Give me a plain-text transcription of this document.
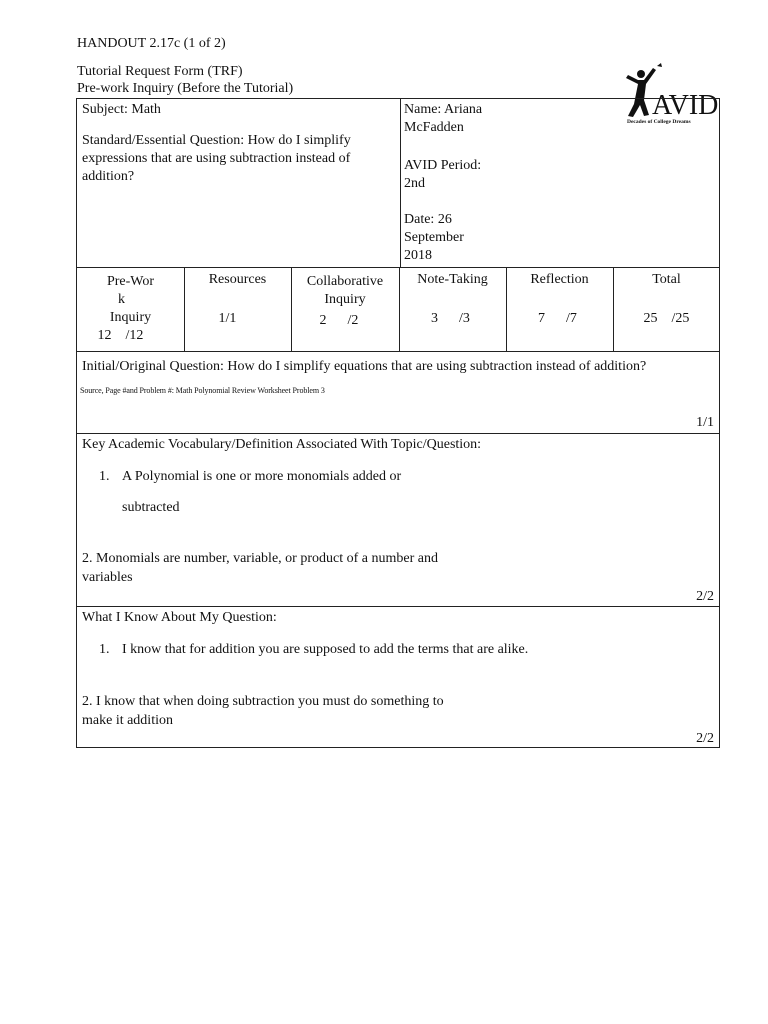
HANDOUT 2.17c (1 of 2)
Tutorial Request Form (TRF)
Pre-work Inquiry (Before the Tutorial)
AVID
Decades of College Dreams
Subject: Math
Standard/Essential Question: How do I simplify expressions that are using subtraction instead of addition?
Name: Ariana
McFadden
AVID Period:
2nd
Date: 26
September
2018
Pre-Wor
k
Inquiry
12    /12
Resources
1/1
Collaborative
Inquiry
2      /2
Note-Taking
3      /3
Reflection
7      /7
Total
25    /25
Initial/Original Question: How do I simplify equations that are using subtraction instead of addition?
Source, Page #and Problem #: Math Polynomial Review Worksheet Problem 3
1/1
Key Academic Vocabulary/Definition Associated With Topic/Question:
1. A Polynomial is one or more monomials added or
subtracted
2. Monomials are number, variable, or product of a number and
variables
2/2
What I Know About My Question:
1. I know that for addition you are supposed to add the terms that are alike.
2. I know that when doing subtraction you must do something to
make it addition
2/2
